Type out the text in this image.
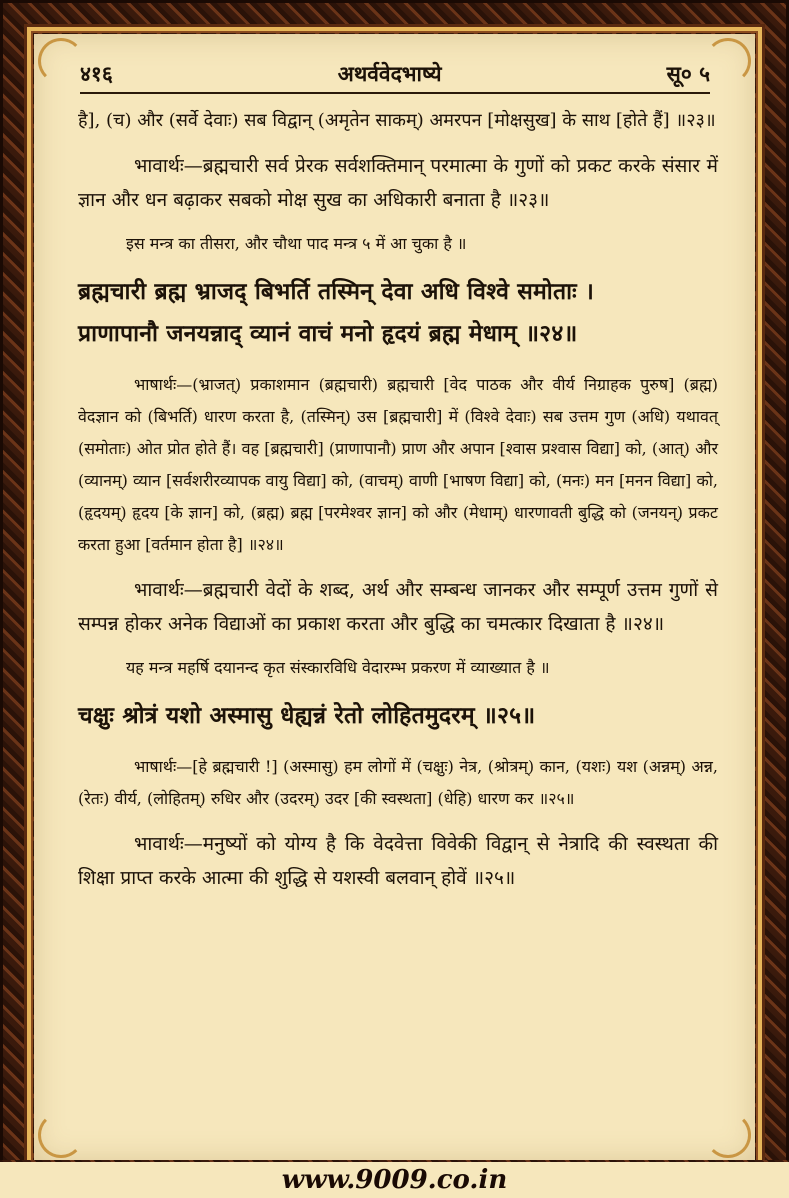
४१६	अथर्ववेदभाष्ये	सू० ५

है], (च) और (सर्वे देवाः) सब विद्वान् (अमृतेन साकम्) अमरपन [मोक्षसुख] के साथ [होते हैं] ॥२३॥

भावार्थः—ब्रह्मचारी सर्व प्रेरक सर्वशक्तिमान् परमात्मा के गुणों को प्रकट करके संसार में ज्ञान और धन बढ़ाकर सबको मोक्ष सुख का अधिकारी बनाता है ॥२३॥

इस मन्त्र का तीसरा, और चौथा पाद मन्त्र ५ में आ चुका है ॥

ब्रह्मचारी ब्रह्म भ्राजद् बिभर्ति तस्मिन् देवा अधि विश्वे समोताः ।

प्राणापानौ जनयन्नाद् व्यानं वाचं मनो हृदयं ब्रह्म मेधाम् ॥२४॥

भाषार्थः—(भ्राजत्) प्रकाशमान (ब्रह्मचारी) ब्रह्मचारी [वेद पाठक और वीर्य निग्राहक पुरुष] (ब्रह्म) वेदज्ञान को (बिभर्ति) धारण करता है, (तस्मिन्) उस [ब्रह्मचारी] में (विश्वे देवाः) सब उत्तम गुण (अधि) यथावत् (समोताः) ओत प्रोत होते हैं। वह [ब्रह्मचारी] (प्राणापानौ) प्राण और अपान [श्वास प्रश्वास विद्या] को, (आत्) और (व्यानम्) व्यान [सर्वशरीरव्यापक वायु विद्या] को, (वाचम्) वाणी [भाषण विद्या] को, (मनः) मन [मनन विद्या] को, (हृदयम्) हृदय [के ज्ञान] को, (ब्रह्म) ब्रह्म [परमेश्वर ज्ञान] को और (मेधाम्) धारणावती बुद्धि को (जनयन्) प्रकट करता हुआ [वर्तमान होता है] ॥२४॥

भावार्थः—ब्रह्मचारी वेदों के शब्द, अर्थ और सम्बन्ध जानकर और सम्पूर्ण उत्तम गुणों से सम्पन्न होकर अनेक विद्याओं का प्रकाश करता और बुद्धि का चमत्कार दिखाता है ॥२४॥

यह मन्त्र महर्षि दयानन्द कृत संस्कारविधि वेदारम्भ प्रकरण में व्याख्यात है ॥

चक्षुः श्रोत्रं यशो अस्मासु धेह्यन्नं रेतो लोहितमुदरम् ॥२५॥

भाषार्थः—[हे ब्रह्मचारी !] (अस्मासु) हम लोगों में (चक्षुः) नेत्र, (श्रोत्रम्) कान, (यशः) यश (अन्नम्) अन्न, (रेतः) वीर्य, (लोहितम्) रुधिर और (उदरम्) उदर [की स्वस्थता] (धेहि) धारण कर ॥२५॥

भावार्थः—मनुष्यों को योग्य है कि वेदवेत्ता विवेकी विद्वान् से नेत्रादि की स्वस्थता की शिक्षा प्राप्त करके आत्मा की शुद्धि से यशस्वी बलवान् होवें ॥२५॥

www.9009.co.in
